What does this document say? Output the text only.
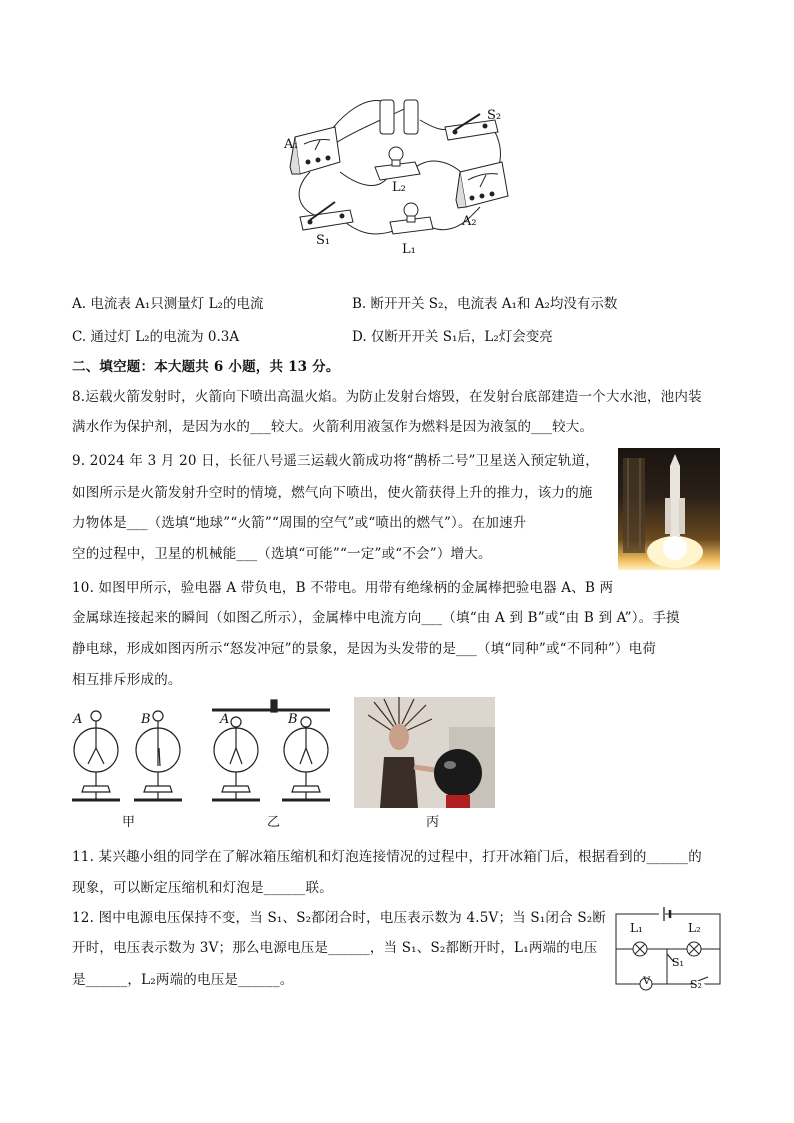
A₁
S₂
L₂
A₂
S₁
L₁
A. 电流表 A₁只测量灯 L₂的电流	B. 断开开关 S₂，电流表 A₁和 A₂均没有示数
C. 通过灯 L₂的电流为 0.3A	D. 仅断开开关 S₁后，L₂灯会变亮
二、填空题：本大题共 6 小题，共 13 分。
8.运载火箭发射时，火箭向下喷出高温火焰。为防止发射台熔毁，在发射台底部建造一个大水池，池内装
满水作为保护剂，是因为水的___较大。火箭利用液氢作为燃料是因为液氢的___较大。
9. 2024 年 3 月 20 日，长征八号遥三运载火箭成功将“鹊桥二号”卫星送入预定轨道，
如图所示是火箭发射升空时的情境，燃气向下喷出，使火箭获得上升的推力，该力的施
力物体是___（选填“地球”“火箭”“周围的空气”或“喷出的燃气”）。在加速升
空的过程中，卫星的机械能___（选填“可能”“一定”或“不会”）增大。
10. 如图甲所示，验电器 A 带负电，B 不带电。用带有绝缘柄的金属棒把验电器 A、B 两
金属球连接起来的瞬间（如图乙所示），金属棒中电流方向___（填“由 A 到 B”或“由 B 到 A”）。手摸
静电球，形成如图丙所示“怒发冲冠”的景象，是因为头发带的是___（填“同种”或“不同种”）电荷
相互排斥形成的。
A	B	A	B
甲	乙	丙
11. 某兴趣小组的同学在了解冰箱压缩机和灯泡连接情况的过程中，打开冰箱门后，根据看到的______的
现象，可以断定压缩机和灯泡是______联。
12. 图中电源电压保持不变，当 S₁、S₂都闭合时，电压表示数为 4.5V；当 S₁闭合 S₂断
开时，电压表示数为 3V；那么电源电压是______，当 S₁、S₂都断开时，L₁两端的电压
是______，L₂两端的电压是______。
L₁	L₂
S₁
V	S₂
